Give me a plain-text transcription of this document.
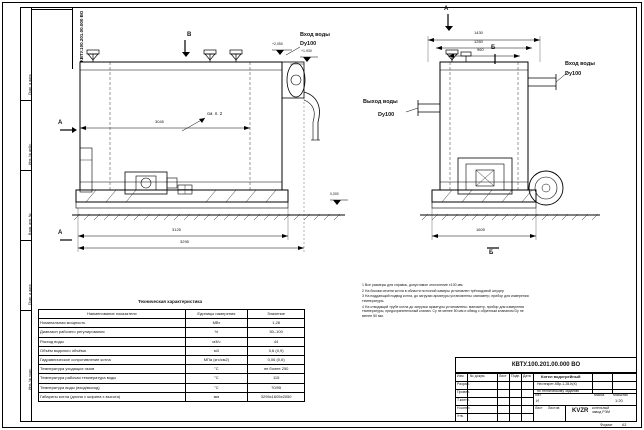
Подп. и дата
Инв. № дубл.
Взам. инв. №
Подп. и дата
Инв. № подл.
КВТУ.100.201.00.000 ВО	В
А
А
Вход воды
Dy100
см. п. 2
+2,050
+1,930
0,000
3045
3125
3295
А
Б
Б
Вход воды
Dy100
Выход воды
Dy100
1430
1260
960
1605
1 Все размеры для справок, допустимое отклонение ±100 мм.
2 На бокови сечени котла в области поточной камеры установлен трёхходовой штуцер
3 На поддающий подвод котла, до загрузки арматуры установлены: манометр, прибор для измерения
температуры.
4 На отводящий трубе котла до загрузки арматуры установлены: манометр, прибор для измерения
температуры, предохранительный клапан. Су не менее 50 мм и обвод с обратным клапаном Dу не
менее 50 мм.
Техническая характеристика
Наименование показателя	Единицы измерения	Значение
Номинальная мощность	МВт	1,28
Диапазон рабочего регулирования	%	50–100
Расход воды	м3/ч	44
Объём водяного объёма	м3	0,6 (0,9)
Гидравлическое сопротивление котла	МПа (кгс/см2)	0,06 (0,6)
Температура уходящих газов	°C	не более 250
Температура рабочая температура воды	°C	115
Температура воды (вход/выход)	°C	70/95
Габариты котла (длина х ширина х высота)	мм	3295х1605х2050
КВТУ.100.201.00.000 ВО
Изм № докум.	Лист Подп. Дата
Разраб.
Провер.
Т.контр.
Н.контр.
Утв.
Котел водогрейный
Неотекрет-КВр-1,28-К(К)
по техническому заданию
Лит.	Масса Масштаб
И	1:20
Лист Листов KVZR котельный
завод РЭМ
Формат	A3
